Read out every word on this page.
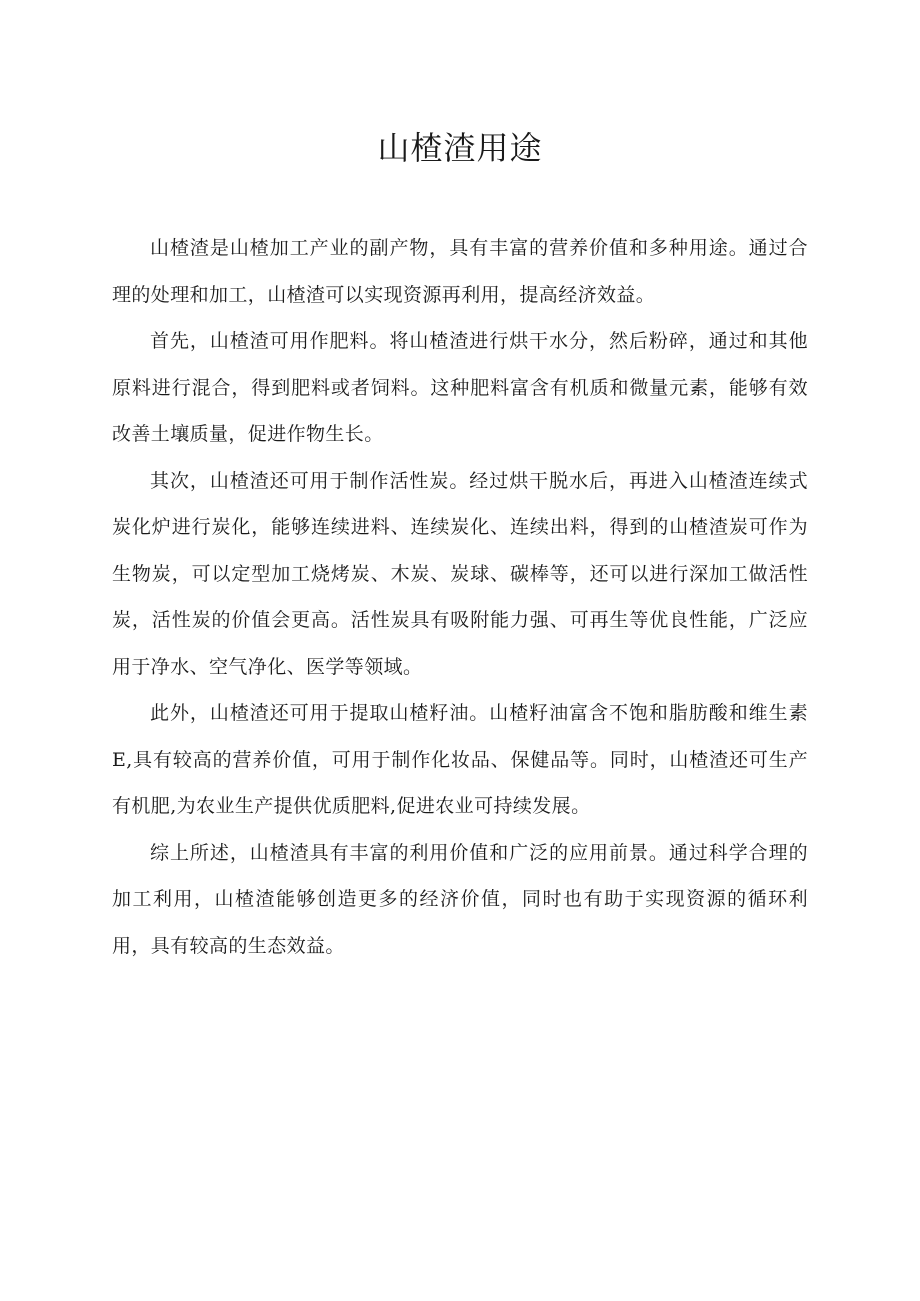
山楂渣用途

山楂渣是山楂加工产业的副产物，具有丰富的营养价值和多种用途。通过合理的处理和加工，山楂渣可以实现资源再利用，提高经济效益。

首先，山楂渣可用作肥料。将山楂渣进行烘干水分，然后粉碎，通过和其他原料进行混合，得到肥料或者饲料。这种肥料富含有机质和微量元素，能够有效改善土壤质量，促进作物生长。

其次，山楂渣还可用于制作活性炭。经过烘干脱水后，再进入山楂渣连续式炭化炉进行炭化，能够连续进料、连续炭化、连续出料，得到的山楂渣炭可作为生物炭，可以定型加工烧烤炭、木炭、炭球、碳棒等，还可以进行深加工做活性炭，活性炭的价值会更高。活性炭具有吸附能力强、可再生等优良性能，广泛应用于净水、空气净化、医学等领域。

此外，山楂渣还可用于提取山楂籽油。山楂籽油富含不饱和脂肪酸和维生素E,具有较高的营养价值，可用于制作化妆品、保健品等。同时，山楂渣还可生产有机肥,为农业生产提供优质肥料,促进农业可持续发展。

综上所述，山楂渣具有丰富的利用价值和广泛的应用前景。通过科学合理的加工利用，山楂渣能够创造更多的经济价值，同时也有助于实现资源的循环利用，具有较高的生态效益。
